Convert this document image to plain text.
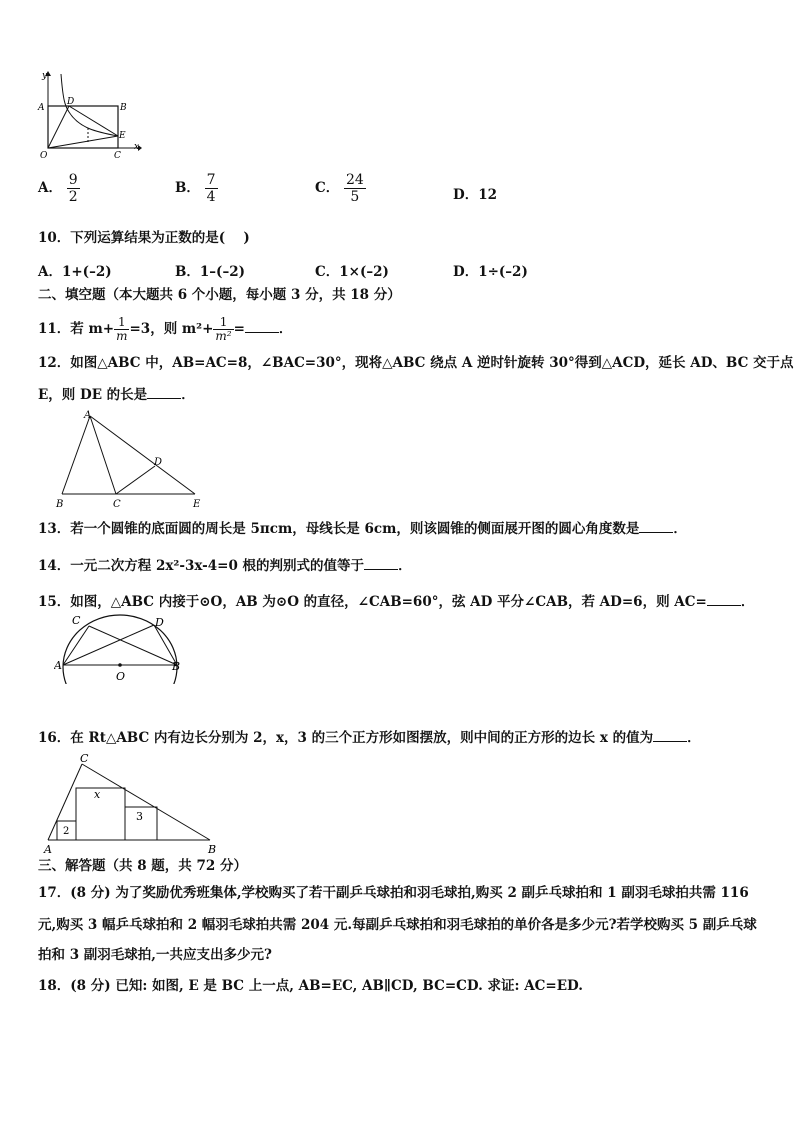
y
x
A	B
D
E
O	C
A． $\frac{9}{2}$	B． $\frac{7}{4}$	C． $\frac{24}{5}$	D．12
10．下列运算结果为正数的是(　 )
A．1+(–2)	B．1–(–2)	C．1×(–2)	D．1÷(–2)
二、填空题（本大题共 6 个小题，每小题 3 分，共 18 分）
11．若 $m+ \frac{1}{m} =3$，则 $m^2+ \frac{1}{\text{m²}}$ =	．
12．如图△ABC 中，AB=AC=8，∠BAC=30°，现将△ABC 绕点 A 逆时针旋转 30°得到△ACD，延长 AD、BC 交于点
E，则 DE 的长是	．
A
B	C
D
E
13．若一个圆锥的底面圆的周长是 5πcm，母线长是 6cm，则该圆锥的侧面展开图的圆心角度数是	．
14．一元二次方程 2x²-3x-4=0 根的判别式的值等于	．
15．如图，△ABC 内接于⊙O，AB 为⊙O 的直径，∠CAB=60°，弦 AD 平分∠CAB，若 AD=6，则 AC=	．
C	D
A	B
O
16．在 Rt△ABC 内有边长分别为 2，x，3 的三个正方形如图摆放，则中间的正方形的边长 x 的值为	．
C
A	B
2
x
3
三、解答题（共 8 题，共 72 分）
17．(8 分) 为了奖励优秀班集体,学校购买了若干副乒乓球拍和羽毛球拍,购买 2 副乒乓球拍和 1 副羽毛球拍共需 116
元,购买 3 幅乒乓球拍和 2 幅羽毛球拍共需 204 元.每副乒乓球拍和羽毛球拍的单价各是多少元?若学校购买 5 副乒乓球
拍和 3 副羽毛球拍,一共应支出多少元?
18．(8 分) 已知: 如图, E 是 BC 上一点, AB=EC, AB∥CD, BC=CD. 求证: AC=ED.
